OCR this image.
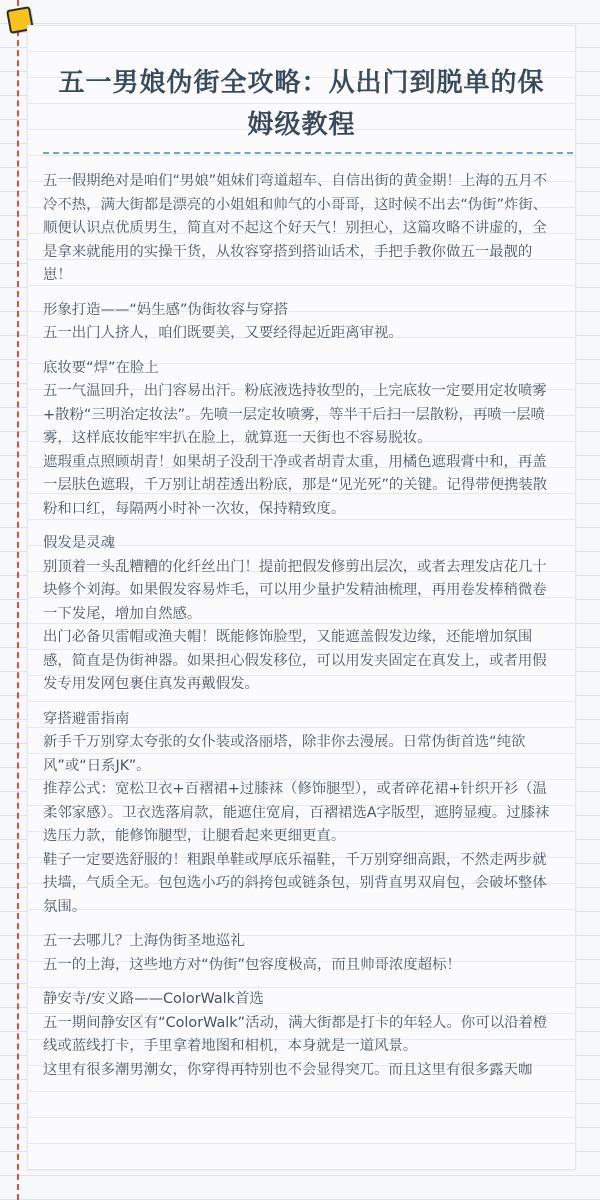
五一男娘伪街全攻略：从出门到脱单的保姆级教程

五一假期绝对是咱们“男娘”姐妹们弯道超车、自信出街的黄金期！上海的五月不冷不热，满大街都是漂亮的小姐姐和帅气的小哥哥，这时候不出去“伪街”炸街、顺便认识点优质男生，简直对不起这个好天气！别担心，这篇攻略不讲虚的，全是拿来就能用的实操干货，从妆容穿搭到搭讪话术，手把手教你做五一最靓的崽！

形象打造——“妈生感”伪街妆容与穿搭

五一出门人挤人，咱们既要美，又要经得起近距离审视。

底妆要“焊”在脸上

五一气温回升，出门容易出汗。粉底液选持妆型的，上完底妆一定要用定妆喷雾+散粉“三明治定妆法”。先喷一层定妆喷雾，等半干后扫一层散粉，再喷一层喷雾，这样底妆能牢牢扒在脸上，就算逛一天街也不容易脱妆。

遮瑕重点照顾胡青！如果胡子没刮干净或者胡青太重，用橘色遮瑕膏中和，再盖一层肤色遮瑕，千万别让胡茬透出粉底，那是“见光死”的关键。记得带便携装散粉和口红，每隔两小时补一次妆，保持精致度。

假发是灵魂

别顶着一头乱糟糟的化纤丝出门！提前把假发修剪出层次，或者去理发店花几十块修个刘海。如果假发容易炸毛，可以用少量护发精油梳理，再用卷发棒稍微卷一下发尾，增加自然感。

出门必备贝雷帽或渔夫帽！既能修饰脸型，又能遮盖假发边缘，还能增加氛围感，简直是伪街神器。如果担心假发移位，可以用发夹固定在真发上，或者用假发专用发网包裹住真发再戴假发。

穿搭避雷指南

新手千万别穿太夸张的女仆装或洛丽塔，除非你去漫展。日常伪街首选“纯欲风”或“日系JK”。

推荐公式：宽松卫衣+百褶裙+过膝袜（修饰腿型），或者碎花裙+针织开衫（温柔邻家感）。卫衣选落肩款，能遮住宽肩，百褶裙选A字版型，遮胯显瘦。过膝袜选压力款，能修饰腿型，让腿看起来更细更直。

鞋子一定要选舒服的！粗跟单鞋或厚底乐福鞋，千万别穿细高跟，不然走两步就扶墙，气质全无。包包选小巧的斜挎包或链条包，别背直男双肩包，会破坏整体氛围。

五一去哪儿？上海伪街圣地巡礼

五一的上海，这些地方对“伪街”包容度极高，而且帅哥浓度超标！

静安寺/安义路——ColorWalk首选

五一期间静安区有“ColorWalk”活动，满大街都是打卡的年轻人。你可以沿着橙线或蓝线打卡，手里拿着地图和相机，本身就是一道风景。

这里有很多潮男潮女，你穿得再特别也不会显得突兀。而且这里有很多露天咖
